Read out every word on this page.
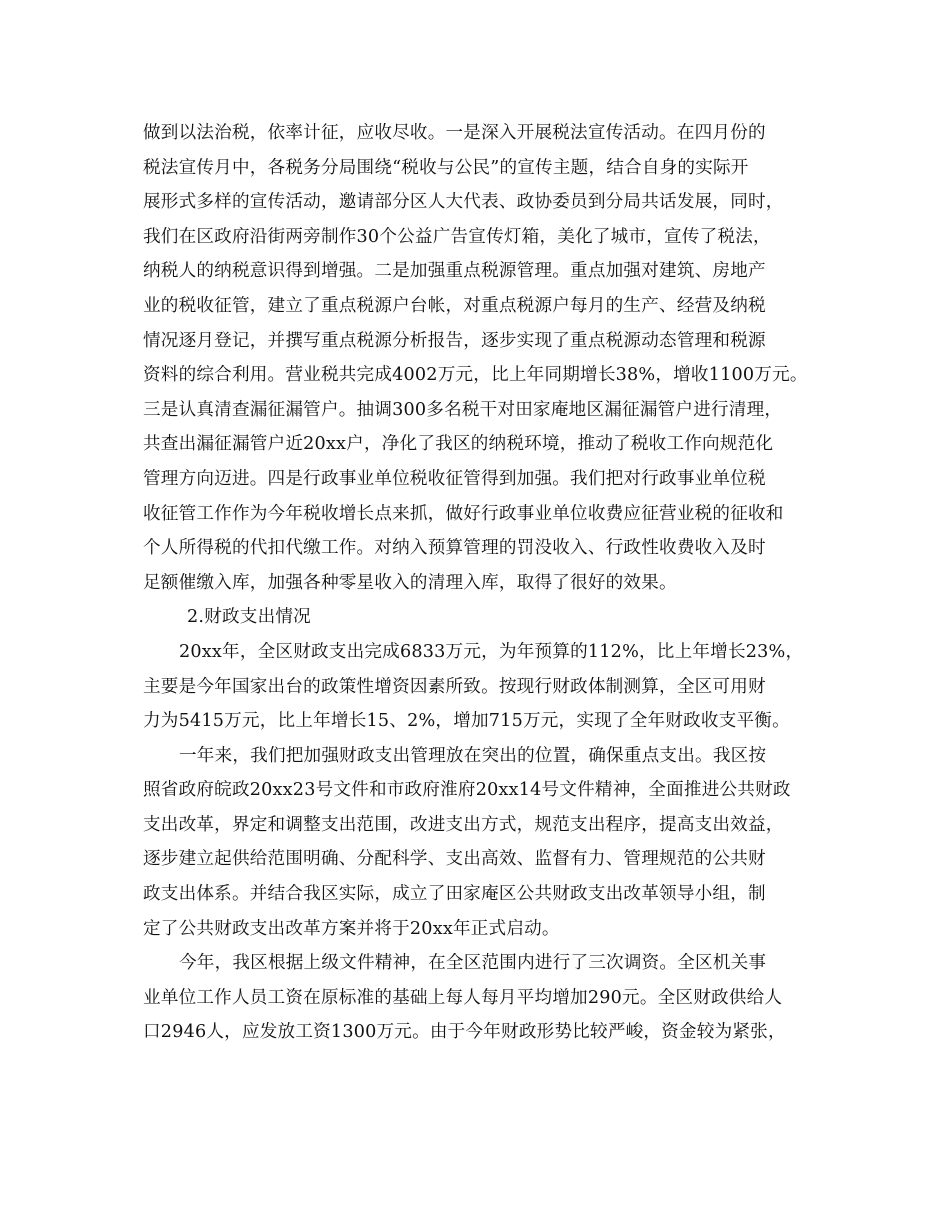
做到以法治税，依率计征，应收尽收。一是深入开展税法宣传活动。在四月份的
税法宣传月中，各税务分局围绕“税收与公民”的宣传主题，结合自身的实际开
展形式多样的宣传活动，邀请部分区人大代表、政协委员到分局共话发展，同时，
我们在区政府沿街两旁制作30个公益广告宣传灯箱，美化了城市，宣传了税法，
纳税人的纳税意识得到增强。二是加强重点税源管理。重点加强对建筑、房地产
业的税收征管，建立了重点税源户台帐，对重点税源户每月的生产、经营及纳税
情况逐月登记，并撰写重点税源分析报告，逐步实现了重点税源动态管理和税源
资料的综合利用。营业税共完成4002万元，比上年同期增长38%，增收1100万元。
三是认真清查漏征漏管户。抽调300多名税干对田家庵地区漏征漏管户进行清理，
共查出漏征漏管户近20xx户，净化了我区的纳税环境，推动了税收工作向规范化
管理方向迈进。四是行政事业单位税收征管得到加强。我们把对行政事业单位税
收征管工作作为今年税收增长点来抓，做好行政事业单位收费应征营业税的征收和
个人所得税的代扣代缴工作。对纳入预算管理的罚没收入、行政性收费收入及时
足额催缴入库，加强各种零星收入的清理入库，取得了很好的效果。
2.财政支出情况
20xx年，全区财政支出完成6833万元，为年预算的112%，比上年增长23%，
主要是今年国家出台的政策性增资因素所致。按现行财政体制测算，全区可用财
力为5415万元，比上年增长15、2%，增加715万元，实现了全年财政收支平衡。
一年来，我们把加强财政支出管理放在突出的位置，确保重点支出。我区按
照省政府皖政20xx23号文件和市政府淮府20xx14号文件精神，全面推进公共财政
支出改革，界定和调整支出范围，改进支出方式，规范支出程序，提高支出效益，
逐步建立起供给范围明确、分配科学、支出高效、监督有力、管理规范的公共财
政支出体系。并结合我区实际，成立了田家庵区公共财政支出改革领导小组，制
定了公共财政支出改革方案并将于20xx年正式启动。
今年，我区根据上级文件精神，在全区范围内进行了三次调资。全区机关事
业单位工作人员工资在原标准的基础上每人每月平均增加290元。全区财政供给人
口2946人，应发放工资1300万元。由于今年财政形势比较严峻，资金较为紧张，
